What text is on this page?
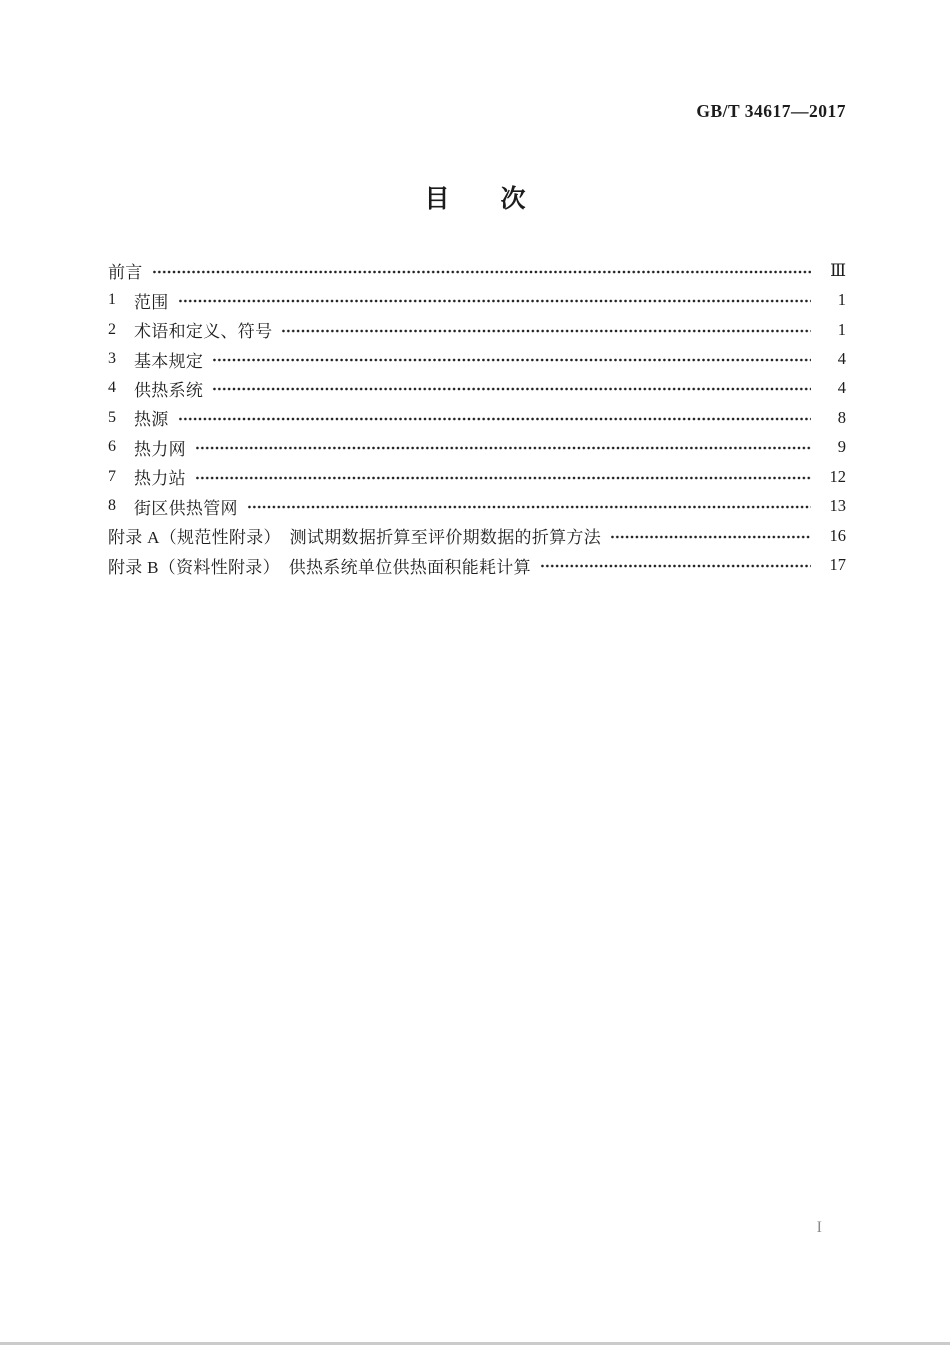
GB/T 34617—2017
目　次
前言	Ⅲ
1 范围	1
2 术语和定义、符号	1
3 基本规定	4
4 供热系统	4
5 热源	8
6 热力网	9
7 热力站	12
8 街区供热管网	13
附录 A（规范性附录）　测试期数据折算至评价期数据的折算方法	16
附录 B（资料性附录）　供热系统单位供热面积能耗计算	17
I
